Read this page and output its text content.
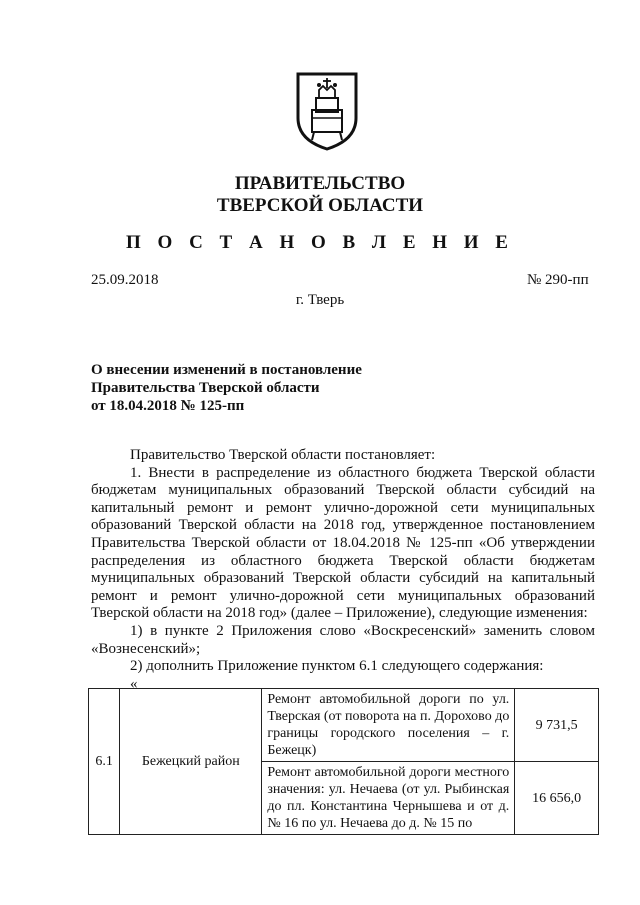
ПРАВИТЕЛЬСТВО
ТВЕРСКОЙ ОБЛАСТИ
П О С Т А Н О В Л Е Н И Е
25.09.2018	№ 290-пп
г. Тверь
О внесении изменений в постановление
Правительства Тверской области
от 18.04.2018 № 125-пп

Правительство Тверской области постановляет:

1. Внести в распределение из областного бюджета Тверской области бюджетам муниципальных образований Тверской области субсидий на капитальный ремонт и ремонт улично-дорожной сети муниципальных образований Тверской области на 2018 год, утвержденное постановлением Правительства Тверской области от 18.04.2018 № 125-пп «Об утверждении распределения из областного бюджета Тверской области бюджетам муниципальных образований Тверской области субсидий на капитальный ремонт и ремонт улично-дорожной сети муниципальных образований Тверской области на 2018 год» (далее – Приложение), следующие изменения:

1) в пункте 2 Приложения слово «Воскресенский» заменить словом «Вознесенский»;

2) дополнить Приложение пунктом 6.1 следующего содержания:

«

6.1	Бежецкий район	Ремонт автомобильной дороги по ул. Тверская (от поворота на п. Дорохово до границы городского поселения – г. Бежецк)	9 731,5
		Ремонт автомобильной дороги местного значения: ул. Нечаева (от ул. Рыбинская до пл. Константина Чернышева и от д. № 16 по ул. Нечаева до д. № 15 по	16 656,0
